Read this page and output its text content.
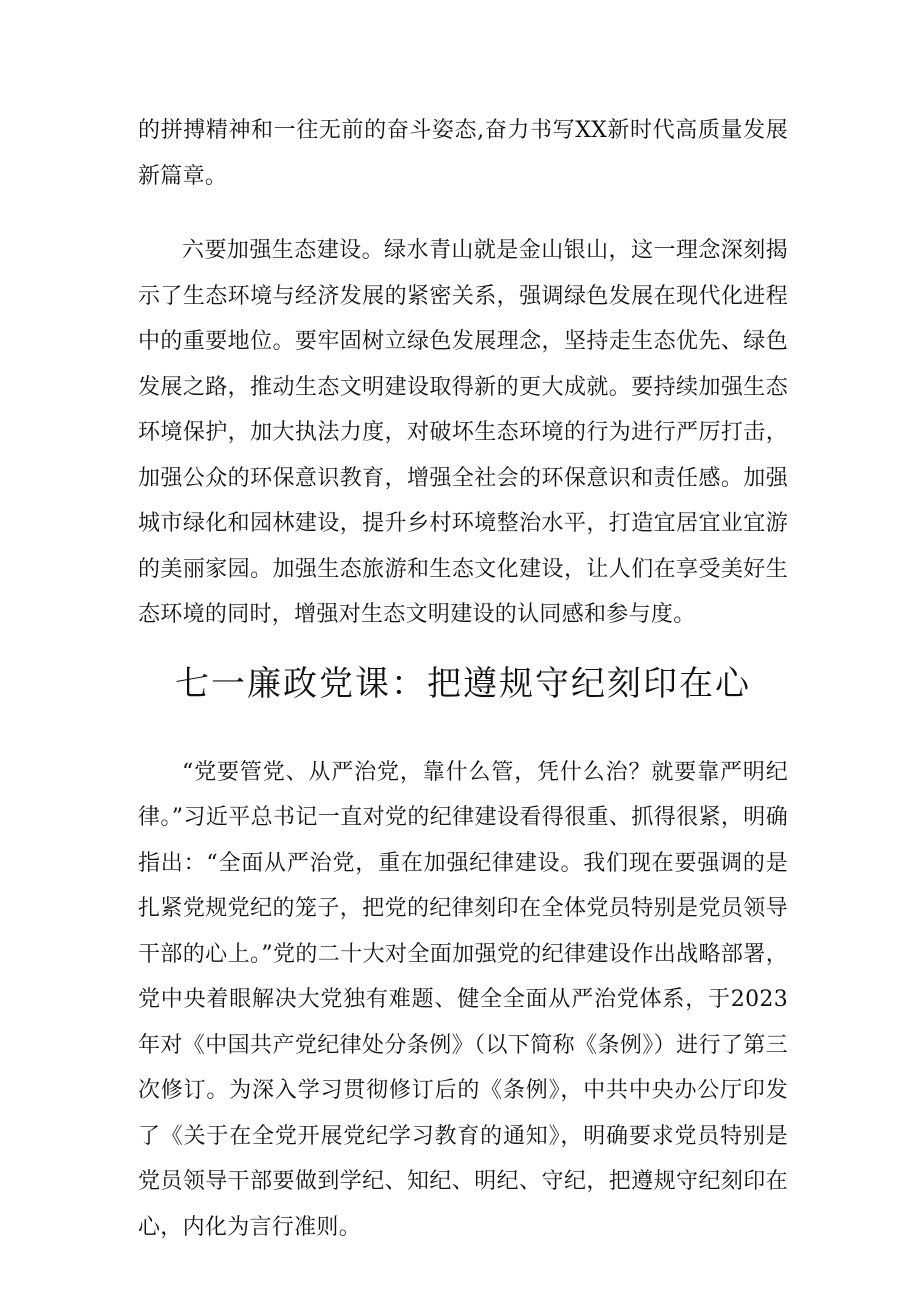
的拼搏精神和一往无前的奋斗姿态,奋力书写XX新时代高质量发展新篇章。

六要加强生态建设。绿水青山就是金山银山，这一理念深刻揭示了生态环境与经济发展的紧密关系，强调绿色发展在现代化进程中的重要地位。要牢固树立绿色发展理念，坚持走生态优先、绿色发展之路，推动生态文明建设取得新的更大成就。要持续加强生态环境保护，加大执法力度，对破坏生态环境的行为进行严厉打击，加强公众的环保意识教育，增强全社会的环保意识和责任感。加强城市绿化和园林建设，提升乡村环境整治水平，打造宜居宜业宜游的美丽家园。加强生态旅游和生态文化建设，让人们在享受美好生态环境的同时，增强对生态文明建设的认同感和参与度。

七一廉政党课：把遵规守纪刻印在心

“党要管党、从严治党，靠什么管，凭什么治？就要靠严明纪律。”习近平总书记一直对党的纪律建设看得很重、抓得很紧，明确指出：“全面从严治党，重在加强纪律建设。我们现在要强调的是扎紧党规党纪的笼子，把党的纪律刻印在全体党员特别是党员领导干部的心上。”党的二十大对全面加强党的纪律建设作出战略部署，党中央着眼解决大党独有难题、健全全面从严治党体系，于2023年对《中国共产党纪律处分条例》（以下简称《条例》）进行了第三次修订。为深入学习贯彻修订后的《条例》，中共中央办公厅印发了《关于在全党开展党纪学习教育的通知》，明确要求党员特别是党员领导干部要做到学纪、知纪、明纪、守纪，把遵规守纪刻印在心，内化为言行准则。
